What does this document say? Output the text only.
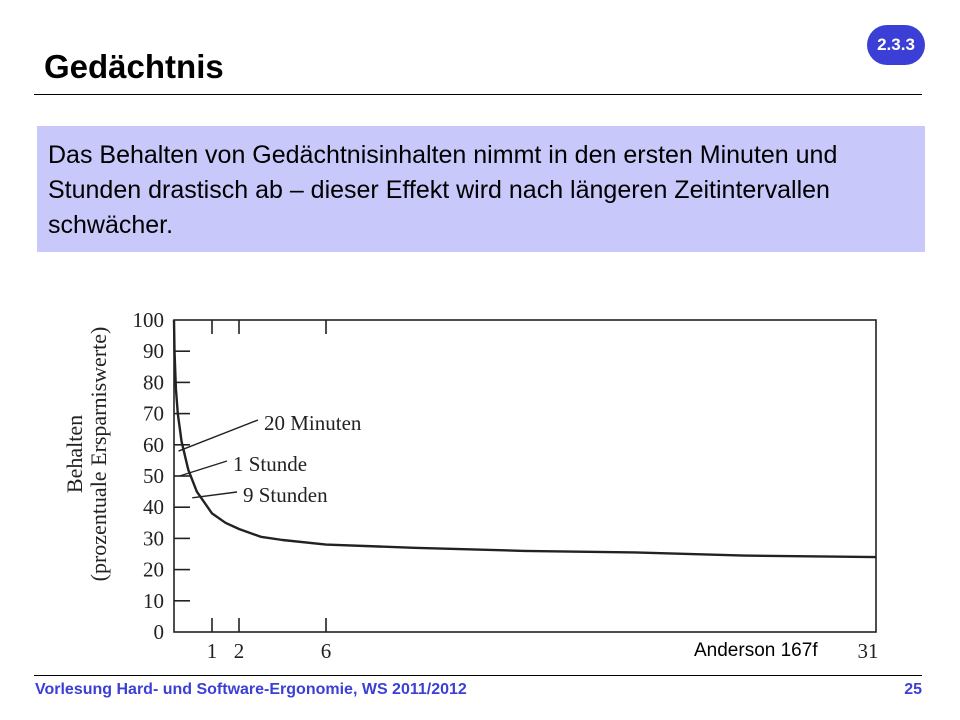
2.3.3
Gedächtnis

Das Behalten von Gedächtnisinhalten nimmt in den ersten Minuten und Stunden drastisch ab – dieser Effekt wird nach längeren Zeitintervallen schwächer.

100
90
80
70
60
50
40
30
20
10
0
1 2	6	31
20 Minuten
1 Stunde
9 Stunden
Behalten (prozentuale Ersparniswerte)
Anderson 167f
Vorlesung Hard- und Software-Ergonomie, WS 2011/2012	25
